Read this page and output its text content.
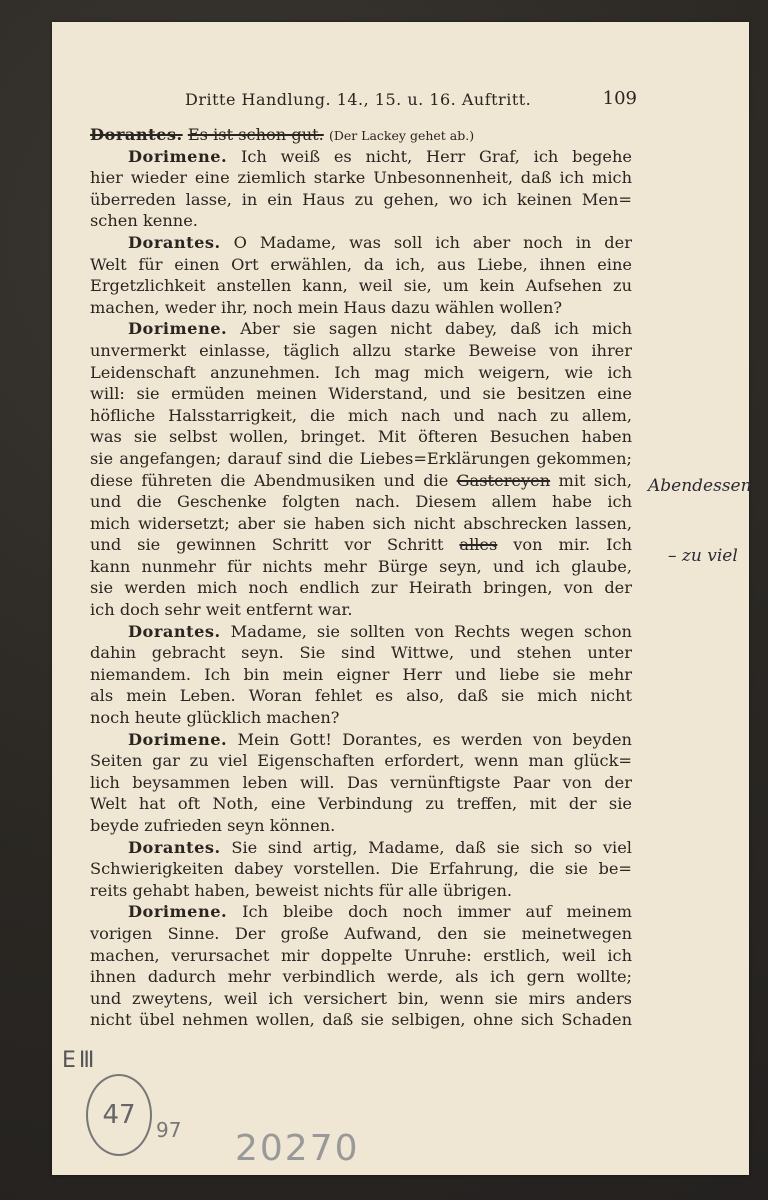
Dritte Handlung. 14., 15. u. 16. Auftritt.	109
Dorantes. Es ist schon gut. (Der Lackey gehet ab.)
Dorimene. Ich weiß es nicht, Herr Graf, ich begehe
hier wieder eine ziemlich starke Unbesonnenheit, daß ich mich
überreden lasse, in ein Haus zu gehen, wo ich keinen Men=
schen kenne.
Dorantes. O Madame, was soll ich aber noch in der
Welt für einen Ort erwählen, da ich, aus Liebe, ihnen eine
Ergetzlichkeit anstellen kann, weil sie, um kein Aufsehen zu
machen, weder ihr, noch mein Haus dazu wählen wollen?
Dorimene. Aber sie sagen nicht dabey, daß ich mich
unvermerkt einlasse, täglich allzu starke Beweise von ihrer
Leidenschaft anzunehmen. Ich mag mich weigern, wie ich
will: sie ermüden meinen Widerstand, und sie besitzen eine
höfliche Halsstarrigkeit, die mich nach und nach zu allem,
was sie selbst wollen, bringet. Mit öfteren Besuchen haben
sie angefangen; darauf sind die Liebes=Erklärungen gekommen;
diese führeten die Abendmusiken und die Gastereyen mit sich,
und die Geschenke folgten nach. Diesem allem habe ich
mich widersetzt; aber sie haben sich nicht abschrecken lassen,
und sie gewinnen Schritt vor Schritt alles von mir. Ich
kann nunmehr für nichts mehr Bürge seyn, und ich glaube,
sie werden mich noch endlich zur Heirath bringen, von der
ich doch sehr weit entfernt war.
Dorantes. Madame, sie sollten von Rechts wegen schon
dahin gebracht seyn. Sie sind Wittwe, und stehen unter
niemandem. Ich bin mein eigner Herr und liebe sie mehr
als mein Leben. Woran fehlet es also, daß sie mich nicht
noch heute glücklich machen?
Dorimene. Mein Gott! Dorantes, es werden von beyden
Seiten gar zu viel Eigenschaften erfordert, wenn man glück=
lich beysammen leben will. Das vernünftigste Paar von der
Welt hat oft Noth, eine Verbindung zu treffen, mit der sie
beyde zufrieden seyn können.
Dorantes. Sie sind artig, Madame, daß sie sich so viel
Schwierigkeiten dabey vorstellen. Die Erfahrung, die sie be=
reits gehabt haben, beweist nichts für alle übrigen.
Dorimene. Ich bleibe doch noch immer auf meinem
vorigen Sinne. Der große Aufwand, den sie meinetwegen
machen, verursachet mir doppelte Unruhe: erstlich, weil ich
ihnen dadurch mehr verbindlich werde, als ich gern wollte;
und zweytens, weil ich versichert bin, wenn sie mirs anders
nicht übel nehmen wollen, daß sie selbigen, ohne sich Schaden
Abendessen
– zu viel
E III
47	97 20270
